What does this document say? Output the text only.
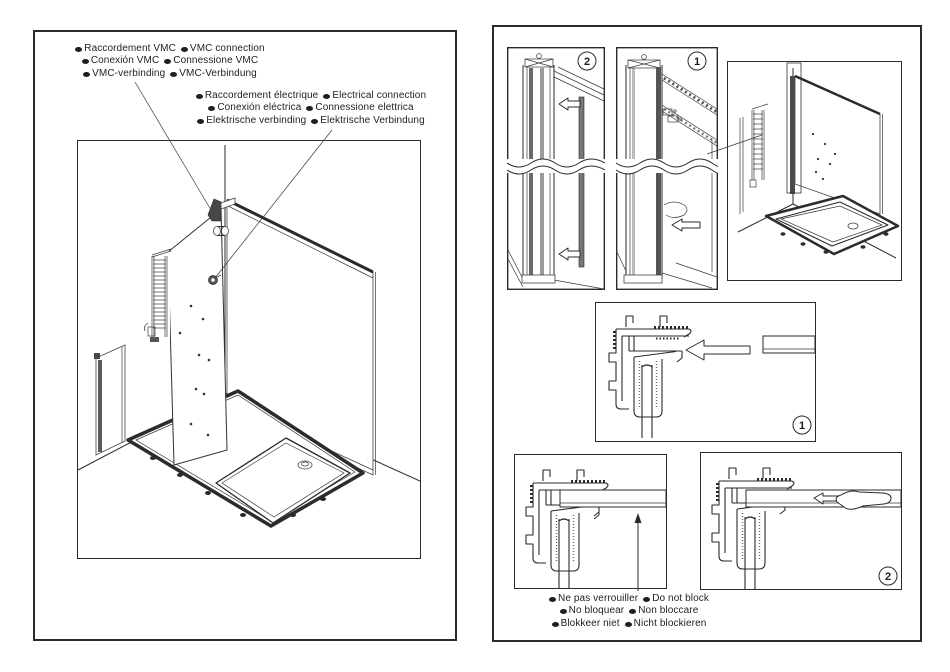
Raccordement VMC VMC connection
Conexión VMC Connessione VMC
VMC-verbinding VMC-Verbindung
Raccordement électrique Electrical connection
Conexión eléctrica Connessione elettrica
Elektrische verbinding Elektrische Verbindung
2	1
1
2
Ne pas verrouiller Do not block
No bloquear Non bloccare
Blokkeer niet Nicht blockieren
